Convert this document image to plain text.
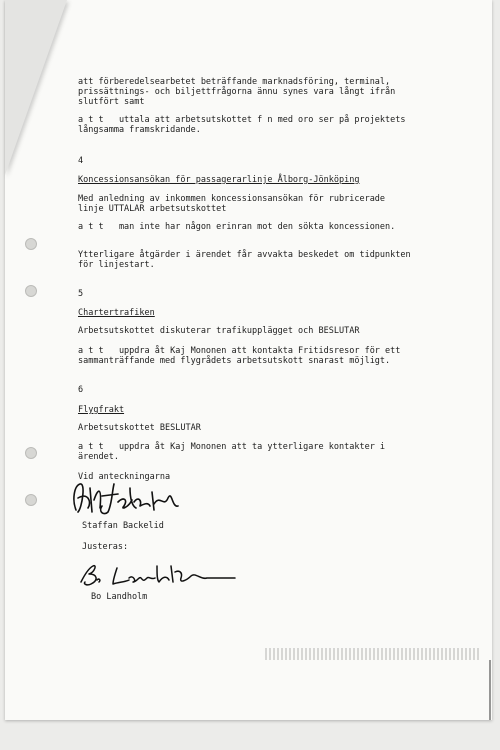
att förberedelsearbetet beträffande marknadsföring, terminal,
prissättnings- och biljettfrågorna ännu synes vara långt ifrån
slutfört samt
a t t   uttala att arbetsutskottet f n med oro ser på projektets
långsamma framskridande.
4
Koncessionsansökan för passagerarlinje Ålborg-Jönköping
Med anledning av inkommen koncessionsansökan för rubricerade
linje UTTALAR arbetsutskottet
a t t   man inte har någon erinran mot den sökta koncessionen.
Ytterligare åtgärder i ärendet får avvakta beskedet om tidpunkten
för linjestart.
5
Chartertrafiken
Arbetsutskottet diskuterar trafikupplägget och BESLUTAR
a t t   uppdra åt Kaj Mononen att kontakta Fritidsresor för ett
sammanträffande med flygrådets arbetsutskott snarast möjligt.
6
Flygfrakt
Arbetsutskottet BESLUTAR
a t t   uppdra åt Kaj Mononen att ta ytterligare kontakter i
ärendet.
Vid anteckningarna
Staffan Backelid
Justeras:
Bo Landholm
